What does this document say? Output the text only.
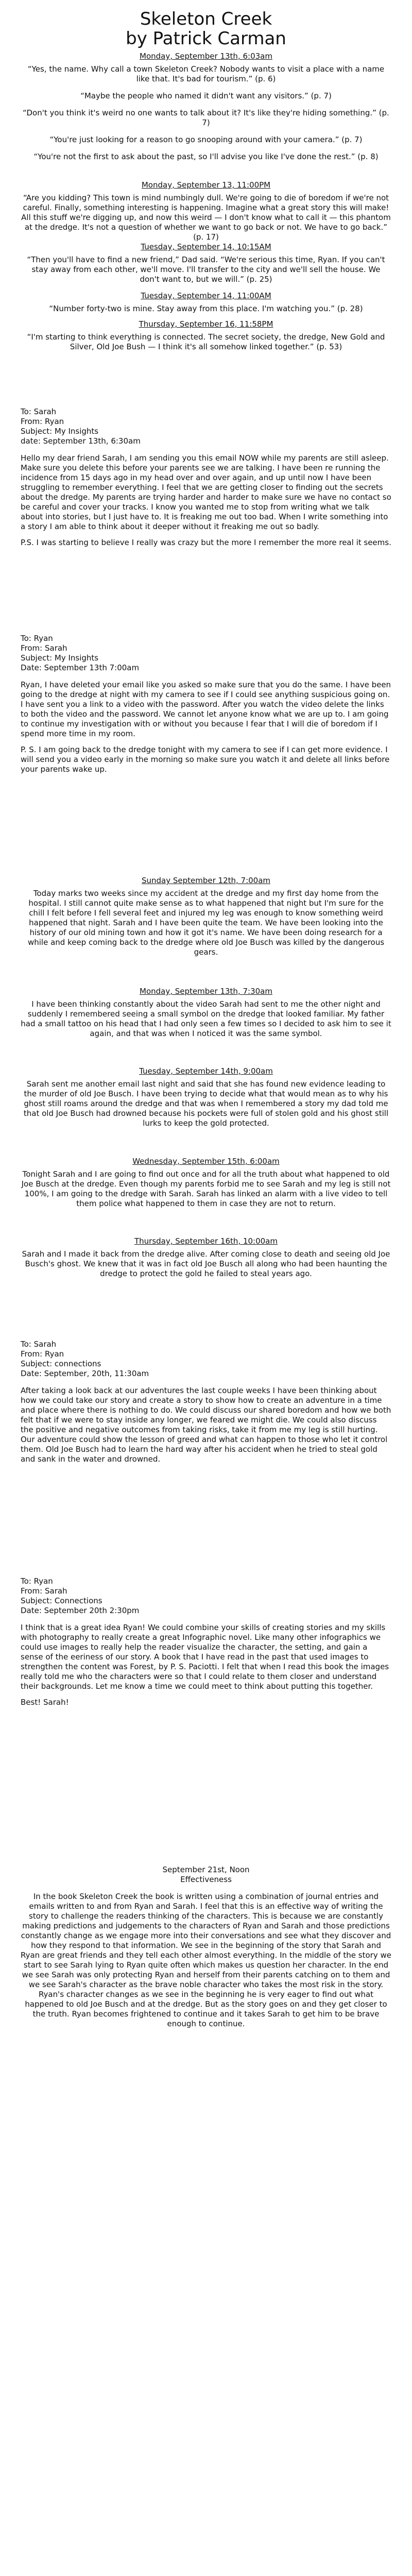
Skeleton Creek
by Patrick Carman
Monday, September 13th, 6:03am

“Yes, the name. Why call a town Skeleton Creek? Nobody wants to visit a place with a name like that. It's bad for tourism.” (p. 6)

“Maybe the people who named it didn't want any visitors.” (p. 7)

“Don't you think it's weird no one wants to talk about it? It's like they're hiding something.” (p. 7)

“You're just looking for a reason to go snooping around with your camera.” (p. 7)

“You're not the first to ask about the past, so I'll advise you like I've done the rest.” (p. 8)

Monday, September 13, 11:00PM

“Are you kidding? This town is mind numbingly dull. We're going to die of boredom if we're not careful. Finally, something interesting is happening. Imagine what a great story this will make! All this stuff we're digging up, and now this weird — I don't know what to call it — this phantom at the dredge. It's not a question of whether we want to go back or not. We have to go back.” (p. 17)

Tuesday, September 14, 10:15AM

“Then you'll have to find a new friend,” Dad said. “We're serious this time, Ryan. If you can't stay away from each other, we'll move. I'll transfer to the city and we'll sell the house. We don't want to, but we will.” (p. 25)

Tuesday, September 14, 11:00AM

“Number forty-two is mine. Stay away from this place. I'm watching you.” (p. 28)

Thursday, September 16, 11:58PM

“I'm starting to think everything is connected. The secret society, the dredge, New Gold and Silver, Old Joe Bush — I think it's all somehow linked together.” (p. 53)

To: Sarah

From: Ryan

Subject: My Insights

date: September 13th, 6:30am

Hello my dear friend Sarah, I am sending you this email NOW while my parents are still asleep. Make sure you delete this before your parents see we are talking. I have been re running the incidence from 15 days ago in my head over and over again, and up until now I have been struggling to remember everything. I feel that we are getting closer to finding out the secrets about the dredge. My parents are trying harder and harder to make sure we have no contact so be careful and cover your tracks. I know you wanted me to stop from writing what we talk about into stories, but I just have to. It is freaking me out too bad. When I write something into a story I am able to think about it deeper without it freaking me out so badly.

P.S. I was starting to believe I really was crazy but the more I remember the more real it seems.

To: Ryan

From: Sarah

Subject: My Insights

Date: September 13th 7:00am

Ryan, I have deleted your email like you asked so make sure that you do the same. I have been going to the dredge at night with my camera to see if I could see anything suspicious going on. I have sent you a link to a video with the password. After you watch the video delete the links to both the video and the password. We cannot let anyone know what we are up to. I am going to continue my investigation with or without you because I fear that I will die of boredom if I spend more time in my room.

P. S. I am going back to the dredge tonight with my camera to see if I can get more evidence. I will send you a video early in the morning so make sure you watch it and delete all links before your parents wake up.

Sunday September 12th, 7:00am

Today marks two weeks since my accident at the dredge and my first day home from the hospital. I still cannot quite make sense as to what happened that night but I'm sure for the chill I felt before I fell several feet and injured my leg was enough to know something weird happened that night. Sarah and I have been quite the team. We have been looking into the history of our old mining town and how it got it's name. We have been doing research for a while and keep coming back to the dredge where old Joe Busch was killed by the dangerous gears.

Monday, September 13th, 7:30am

I have been thinking constantly about the video Sarah had sent to me the other night and suddenly I remembered seeing a small symbol on the dredge that looked familiar. My father had a small tattoo on his head that I had only seen a few times so I decided to ask him to see it again, and that was when I noticed it was the same symbol.

Tuesday, September 14th, 9:00am

Sarah sent me another email last night and said that she has found new evidence leading to the murder of old Joe Busch. I have been trying to decide what that would mean as to why his ghost still roams around the dredge and that was when I remembered a story my dad told me that old Joe Busch had drowned because his pockets were full of stolen gold and his ghost still lurks to keep the gold protected.

Wednesday, September 15th, 6:00am

Tonight Sarah and I are going to find out once and for all the truth about what happened to old Joe Busch at the dredge. Even though my parents forbid me to see Sarah and my leg is still not 100%, I am going to the dredge with Sarah. Sarah has linked an alarm with a live video to tell them police what happened to them in case they are not to return.

Thursday, September 16th, 10:00am

Sarah and I made it back from the dredge alive. After coming close to death and seeing old Joe Busch's ghost. We knew that it was in fact old Joe Busch all along who had been haunting the dredge to protect the gold he failed to steal years ago.

To: Sarah

From: Ryan

Subject: connections

Date: September, 20th, 11:30am

After taking a look back at our adventures the last couple weeks I have been thinking about how we could take our story and create a story to show how to create an adventure in a time and place where there is nothing to do. We could discuss our shared boredom and how we both felt that if we were to stay inside any longer, we feared we might die. We could also discuss the positive and negative outcomes from taking risks, take it from me my leg is still hurting. Our adventure could show the lesson of greed and what can happen to those who let it control them. Old Joe Busch had to learn the hard way after his accident when he tried to steal gold and sank in the water and drowned.

To: Ryan

From: Sarah

Subject: Connections

Date: September 20th 2:30pm

I think that is a great idea Ryan! We could combine your skills of creating stories and my skills with photography to really create a great Infographic novel. Like many other infographics we could use images to really help the reader visualize the character, the setting, and gain a sense of the eeriness of our story. A book that I have read in the past that used images to strengthen the content was Forest, by P. S. Paciotti. I felt that when I read this book the images really told me who the characters were so that I could relate to them closer and understand their backgrounds. Let me know a time we could meet to think about putting this together.

Best! Sarah!

September 21st, Noon

Effectiveness

In the book Skeleton Creek the book is written using a combination of journal entries and emails written to and from Ryan and Sarah. I feel that this is an effective way of writing the story to challenge the readers thinking of the characters. This is because we are constantly making predictions and judgements to the characters of Ryan and Sarah and those predictions constantly change as we engage more into their conversations and see what they discover and how they respond to that information. We see in the beginning of the story that Sarah and Ryan are great friends and they tell each other almost everything. In the middle of the story we start to see Sarah lying to Ryan quite often which makes us question her character. In the end we see Sarah was only protecting Ryan and herself from their parents catching on to them and we see Sarah's character as the brave noble character who takes the most risk in the story. Ryan's character changes as we see in the beginning he is very eager to find out what happened to old Joe Busch and at the dredge. But as the story goes on and they get closer to the truth. Ryan becomes frightened to continue and it takes Sarah to get him to be brave enough to continue.
